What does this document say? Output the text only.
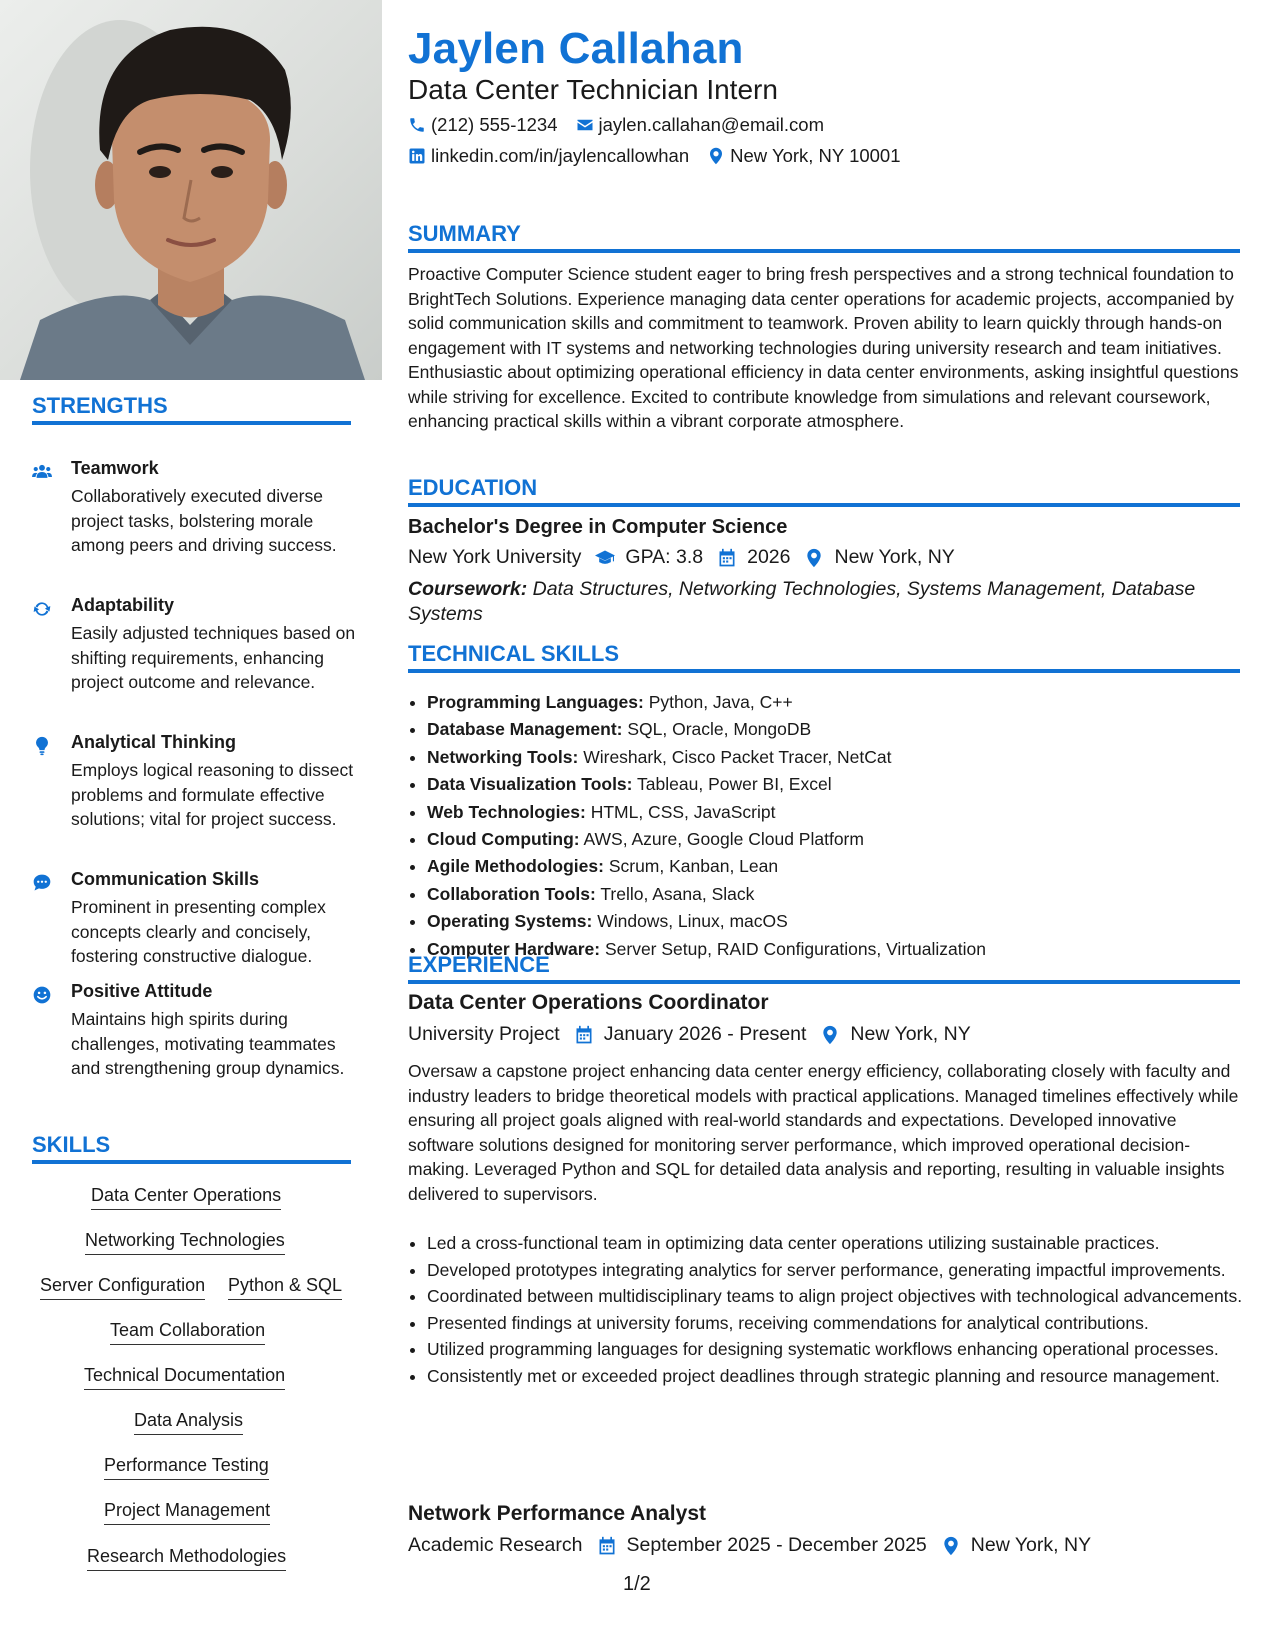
STRENGTHS
Teamwork

Collaboratively executed diverse project tasks, bolstering morale among peers and driving success.

Adaptability

Easily adjusted techniques based on shifting requirements, enhancing project outcome and relevance.

Analytical Thinking

Employs logical reasoning to dissect problems and formulate effective solutions; vital for project success.

Communication Skills

Prominent in presenting complex concepts clearly and concisely, fostering constructive dialogue.

Positive Attitude

Maintains high spirits during challenges, motivating teammates and strengthening group dynamics.

SKILLS
Data Center Operations
Networking Technologies
Server Configuration Python & SQL
Team Collaboration
Technical Documentation
Data Analysis
Performance Testing
Project Management
Research Methodologies
Jaylen Callahan
Data Center Technician Intern
(212) 555-1234 jaylen.callahan@email.com
linkedin.com/in/jaylencallowhan New York, NY 10001
SUMMARY

Proactive Computer Science student eager to bring fresh perspectives and a strong technical foundation to BrightTech Solutions. Experience managing data center operations for academic projects, accompanied by solid communication skills and commitment to teamwork. Proven ability to learn quickly through hands-on engagement with IT systems and networking technologies during university research and team initiatives. Enthusiastic about optimizing operational efficiency in data center environments, asking insightful questions while striving for excellence. Excited to contribute knowledge from simulations and relevant coursework, enhancing practical skills within a vibrant corporate atmosphere.

EDUCATION
Bachelor's Degree in Computer Science
New York University GPA: 3.8 2026 New York, NY

Coursework: Data Structures, Networking Technologies, Systems Management, Database Systems

TECHNICAL SKILLS
• Programming Languages: Python, Java, C++
• Database Management: SQL, Oracle, MongoDB
• Networking Tools: Wireshark, Cisco Packet Tracer, NetCat
• Data Visualization Tools: Tableau, Power BI, Excel
• Web Technologies: HTML, CSS, JavaScript
• Cloud Computing: AWS, Azure, Google Cloud Platform
• Agile Methodologies: Scrum, Kanban, Lean
• Collaboration Tools: Trello, Asana, Slack
• Operating Systems: Windows, Linux, macOS
• Computer Hardware: Server Setup, RAID Configurations, Virtualization
EXPERIENCE
Data Center Operations Coordinator
University Project January 2026 - Present New York, NY

Oversaw a capstone project enhancing data center energy efficiency, collaborating closely with faculty and industry leaders to bridge theoretical models with practical applications. Managed timelines effectively while ensuring all project goals aligned with real-world standards and expectations. Developed innovative software solutions designed for monitoring server performance, which improved operational decision-making. Leveraged Python and SQL for detailed data analysis and reporting, resulting in valuable insights delivered to supervisors.

• Led a cross-functional team in optimizing data center operations utilizing sustainable practices.
• Developed prototypes integrating analytics for server performance, generating impactful improvements.
• Coordinated between multidisciplinary teams to align project objectives with technological advancements.
• Presented findings at university forums, receiving commendations for analytical contributions.
• Utilized programming languages for designing systematic workflows enhancing operational processes.
• Consistently met or exceeded project deadlines through strategic planning and resource management.
Network Performance Analyst
Academic Research September 2025 - December 2025 New York, NY
1/2
